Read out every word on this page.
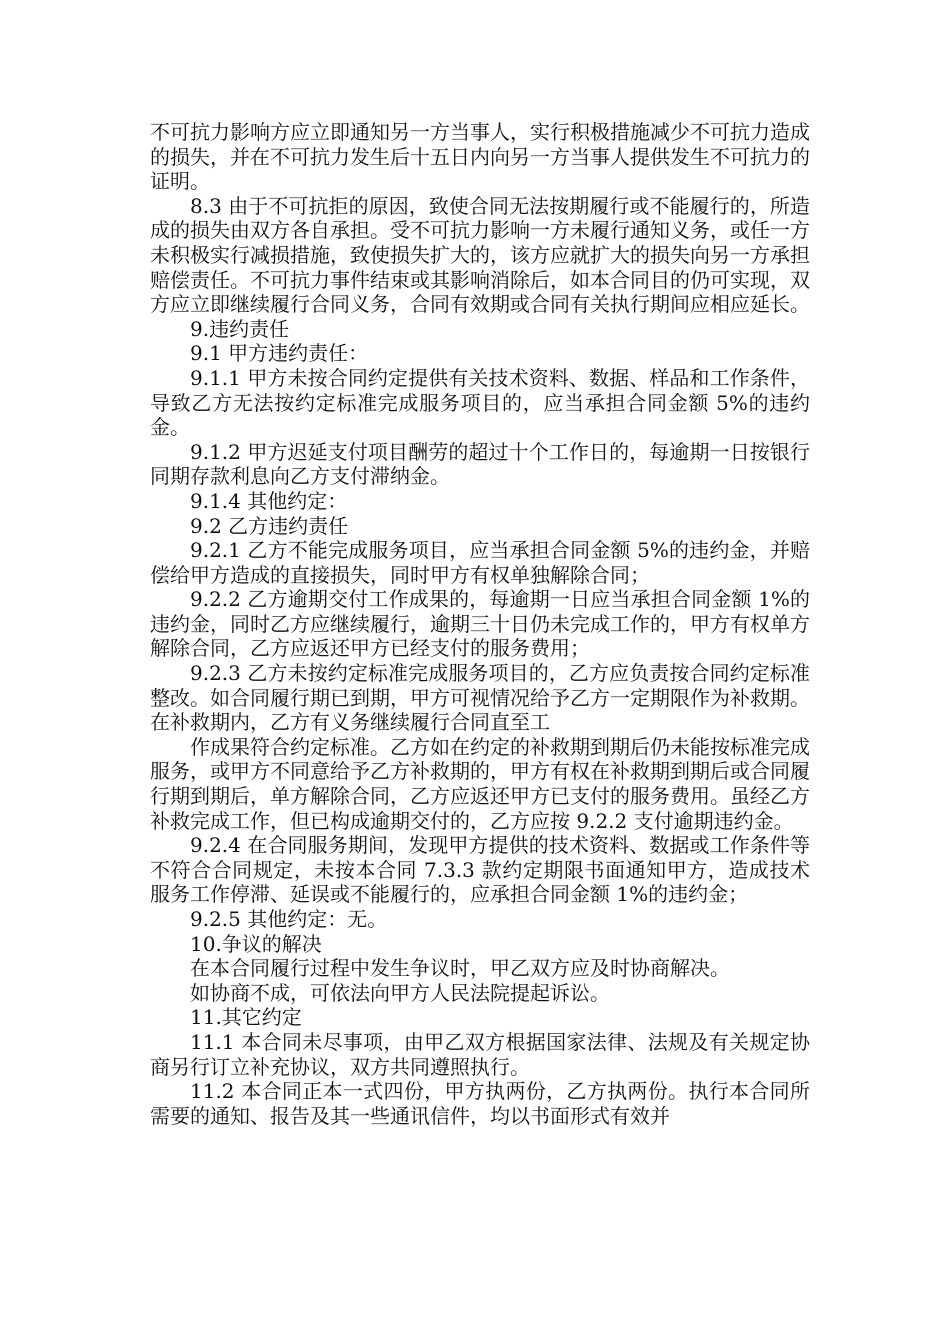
不可抗力影响方应立即通知另一方当事人，实行积极措施减少不可抗力造成的损失，并在不可抗力发生后十五日内向另一方当事人提供发生不可抗力的证明。

8.3 由于不可抗拒的原因，致使合同无法按期履行或不能履行的，所造成的损失由双方各自承担。受不可抗力影响一方未履行通知义务，或任一方未积极实行减损措施，致使损失扩大的，该方应就扩大的损失向另一方承担赔偿责任。不可抗力事件结束或其影响消除后，如本合同目的仍可实现，双方应立即继续履行合同义务，合同有效期或合同有关执行期间应相应延长。

9.违约责任

9.1 甲方违约责任：

9.1.1 甲方未按合同约定提供有关技术资料、数据、样品和工作条件，导致乙方无法按约定标准完成服务项目的，应当承担合同金额 5%的违约金。

9.1.2 甲方迟延支付项目酬劳的超过十个工作日的，每逾期一日按银行同期存款利息向乙方支付滞纳金。

9.1.4 其他约定：

9.2 乙方违约责任

9.2.1 乙方不能完成服务项目，应当承担合同金额 5%的违约金，并赔偿给甲方造成的直接损失，同时甲方有权单独解除合同；

9.2.2 乙方逾期交付工作成果的，每逾期一日应当承担合同金额 1%的违约金，同时乙方应继续履行，逾期三十日仍未完成工作的，甲方有权单方解除合同，乙方应返还甲方已经支付的服务费用；

9.2.3 乙方未按约定标准完成服务项目的，乙方应负责按合同约定标准整改。如合同履行期已到期，甲方可视情况给予乙方一定期限作为补救期。在补救期内，乙方有义务继续履行合同直至工

作成果符合约定标准。乙方如在约定的补救期到期后仍未能按标准完成服务，或甲方不同意给予乙方补救期的，甲方有权在补救期到期后或合同履行期到期后，单方解除合同，乙方应返还甲方已支付的服务费用。虽经乙方补救完成工作，但已构成逾期交付的，乙方应按 9.2.2 支付逾期违约金。

9.2.4 在合同服务期间，发现甲方提供的技术资料、数据或工作条件等不符合合同规定，未按本合同 7.3.3 款约定期限书面通知甲方，造成技术服务工作停滞、延误或不能履行的，应承担合同金额 1%的违约金；

9.2.5 其他约定：无。

10.争议的解决

在本合同履行过程中发生争议时，甲乙双方应及时协商解决。

如协商不成，可依法向甲方人民法院提起诉讼。

11.其它约定

11.1 本合同未尽事项，由甲乙双方根据国家法律、法规及有关规定协商另行订立补充协议，双方共同遵照执行。

11.2 本合同正本一式四份，甲方执两份，乙方执两份。执行本合同所需要的通知、报告及其一些通讯信件，均以书面形式有效并
